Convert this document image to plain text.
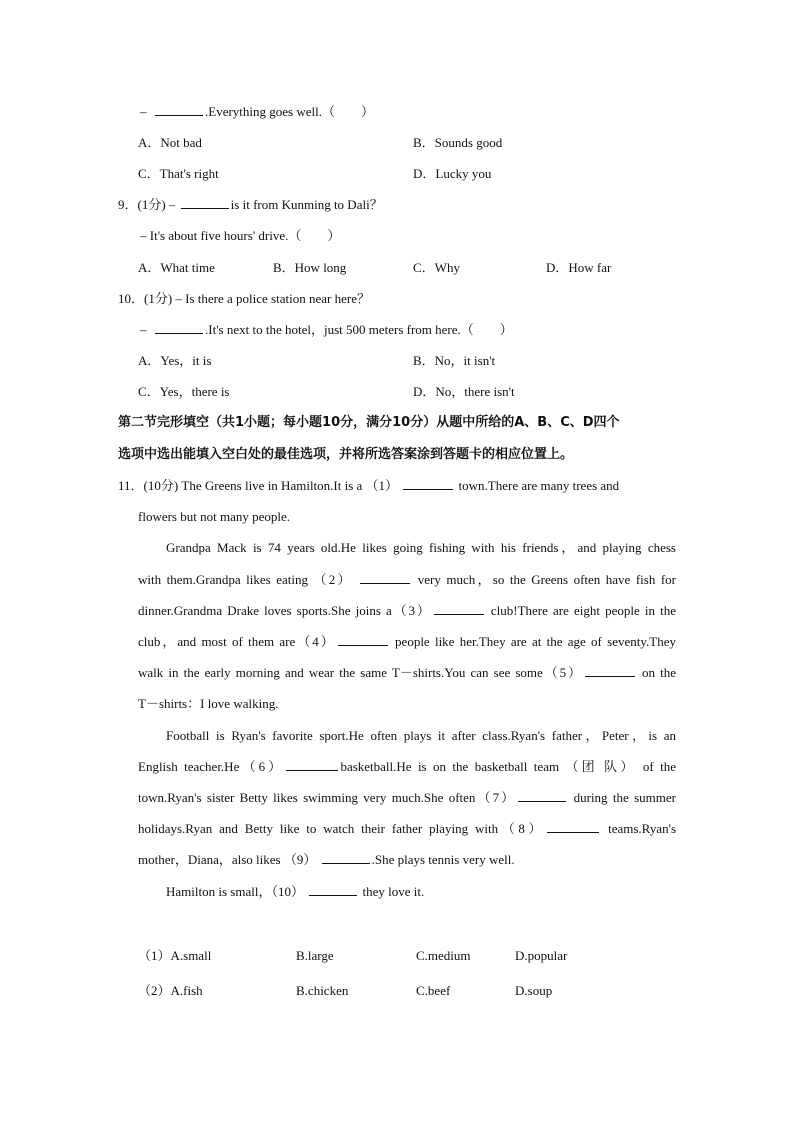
–	.Everything goes well.（　　）
A．Not bad	B．Sounds good
C．That's right	D．Lucky you
9．(1分) –	is it from Kunming to Dali？
– It's about five hours' drive.（　　）
A．What time	B．How long	C．Why	D．How far
10．(1分) – Is there a police station near here？
–	.It's next to the hotel，just 500 meters from here.（　　）
A．Yes，it is	B．No，it isn't
C．Yes，there is	D．No，there isn't
第二节完形填空（共1小题；每小题10分，满分10分）从题中所给的A、B、C、D四个
选项中选出能填入空白处的最佳选项，并将所选答案涂到答题卡的相应位置上。
11．(10分) The Greens live in Hamilton.It is a （1）	town.There are many trees and
flowers but not many people.
Grandpa Mack is 74 years old.He likes going fishing with his friends，and playing chess
with them.Grandpa likes eating （2）	very much，so the Greens often have fish for
dinner.Grandma Drake loves sports.She joins a（3）	club!There are eight people in the
club，and most of them are（4）	people like her.They are at the age of seventy.They
walk in the early morning and wear the same T－shirts.You can see some（5）	on the
T－shirts：I love walking.
Football is Ryan's favorite sport.He often plays it after class.Ryan's father，Peter，is an
English teacher.He（6）	basketball.He is on the basketball team （团 队） of the
town.Ryan's sister Betty likes swimming very much.She often（7）	during the summer
holidays.Ryan and Betty like to watch their father playing with（8）	teams.Ryan's
mother，Diana，also likes （9）	.She plays tennis very well.
Hamilton is small，（10）	they love it.
（1）A.small	B.large	C.medium	D.popular
（2）A.fish	B.chicken	C.beef	D.soup
